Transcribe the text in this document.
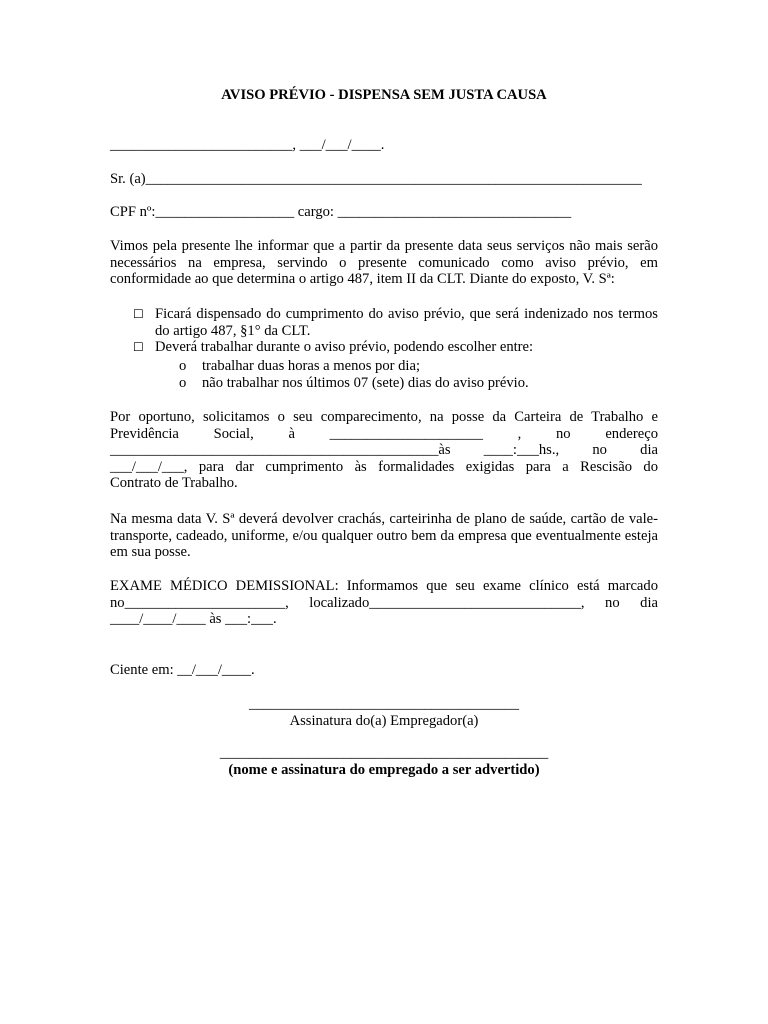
AVISO PRÉVIO - DISPENSA SEM JUSTA CAUSA

_________________________, ___/___/____.

Sr. (a)____________________________________________________________________

CPF nº:___________________ cargo: ________________________________

Vimos pela presente lhe informar que a partir da presente data seus serviços não mais serão necessários na empresa, servindo o presente comunicado como aviso prévio, em conformidade ao que determina o artigo 487, item II da CLT. Diante do exposto, V. Sª:

☐ Ficará dispensado do cumprimento do aviso prévio, que será indenizado nos termos do artigo 487, §1° da CLT.
☐ Deverá trabalhar durante o aviso prévio, podendo escolher entre:
o	trabalhar duas horas a menos por dia;
o	não trabalhar nos últimos 07 (sete) dias do aviso prévio.
Por oportuno, solicitamos o seu comparecimento, na posse da Carteira de Trabalho e
Previdência Social, à _____________________ , no endereço
_____________________________________________às ____:___hs., no dia
___/___/___, para dar cumprimento às formalidades exigidas para a Rescisão do
Contrato de Trabalho.

Na mesma data V. Sª deverá devolver crachás, carteirinha de plano de saúde, cartão de vale-transporte, cadeado, uniforme, e/ou qualquer outro bem da empresa que eventualmente esteja em sua posse.

EXAME MÉDICO DEMISSIONAL: Informamos que seu exame clínico está marcado
no______________________, localizado_____________________________, no dia
____/____/____ às ___:___.

Ciente em: __/___/____.

_____________________________________
Assinatura do(a) Empregador(a)
_____________________________________________
(nome e assinatura do empregado a ser advertido)
